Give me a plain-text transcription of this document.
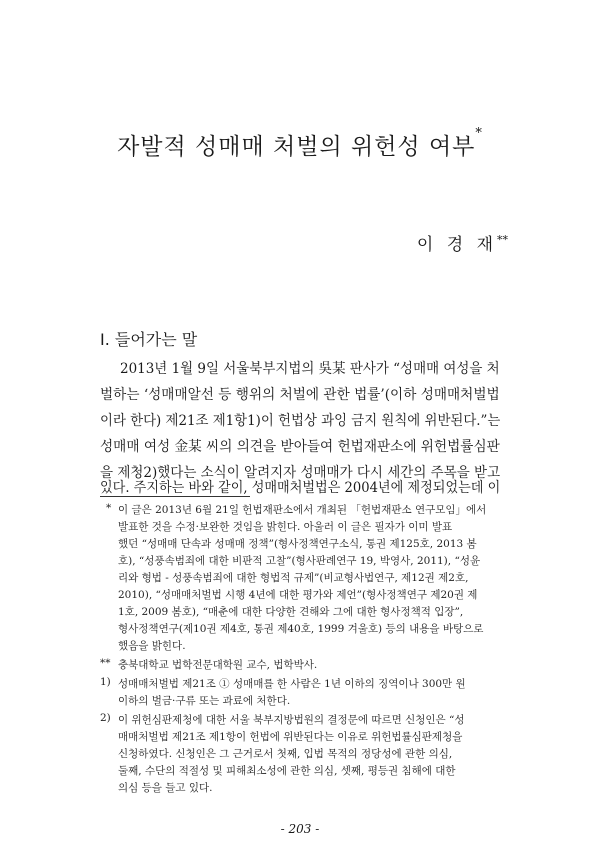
자발적 성매매 처벌의 위헌성 여부*
이 경 재**
I. 들어가는 말
2013년 1월 9일 서울북부지법의 吳某 판사가 “성매매 여성을 처
벌하는 ‘성매매알선 등 행위의 처벌에 관한 법률’(이하 성매매처벌법
이라 한다) 제21조 제1항1)이 헌법상 과잉 금지 원칙에 위반된다.”는
성매매 여성 金某 씨의 의견을 받아들여 헌법재판소에 위헌법률심판
을 제청2)했다는 소식이 알려지자 성매매가 다시 세간의 주목을 받고
있다. 주지하는 바와 같이, 성매매처벌법은 2004년에 제정되었는데 이
* 이 글은 2013년 6월 21일 헌법재판소에서 개최된 「헌법재판소 연구모임」에서
발표한 것을 수정·보완한 것임을 밝힌다. 아울러 이 글은 필자가 이미 발표
했던 “성매매 단속과 성매매 정책”(형사정책연구소식, 통권 제125호, 2013 봄
호), “성풍속범죄에 대한 비판적 고찰”(형사판례연구 19, 박영사, 2011), “성윤
리와 형법 - 성풍속범죄에 대한 형법적 규제”(비교형사법연구, 제12권 제2호,
2010), “성매매처벌법 시행 4년에 대한 평가와 제언”(형사정책연구 제20권 제
1호, 2009 봄호), “매춘에 대한 다양한 견해와 그에 대한 형사정책적 입장”,
형사정책연구(제10권 제4호, 통권 제40호, 1999 겨울호) 등의 내용을 바탕으로
했음을 밝힌다.
** 충북대학교 법학전문대학원 교수, 법학박사.
1) 성매매처벌법 제21조 ① 성매매를 한 사람은 1년 이하의 징역이나 300만 원
이하의 벌금·구류 또는 과료에 처한다.
2) 이 위헌심판제청에 대한 서울 북부지방법원의 결정문에 따르면 신청인은 “성
매매처벌법 제21조 제1항이 헌법에 위반된다는 이유로 위헌법률심판제청을
신청하였다. 신청인은 그 근거로서 첫째, 입법 목적의 정당성에 관한 의심,
둘째, 수단의 적절성 및 피해최소성에 관한 의심, 셋째, 평등권 침해에 대한
의심 등을 들고 있다.
- 203 -
